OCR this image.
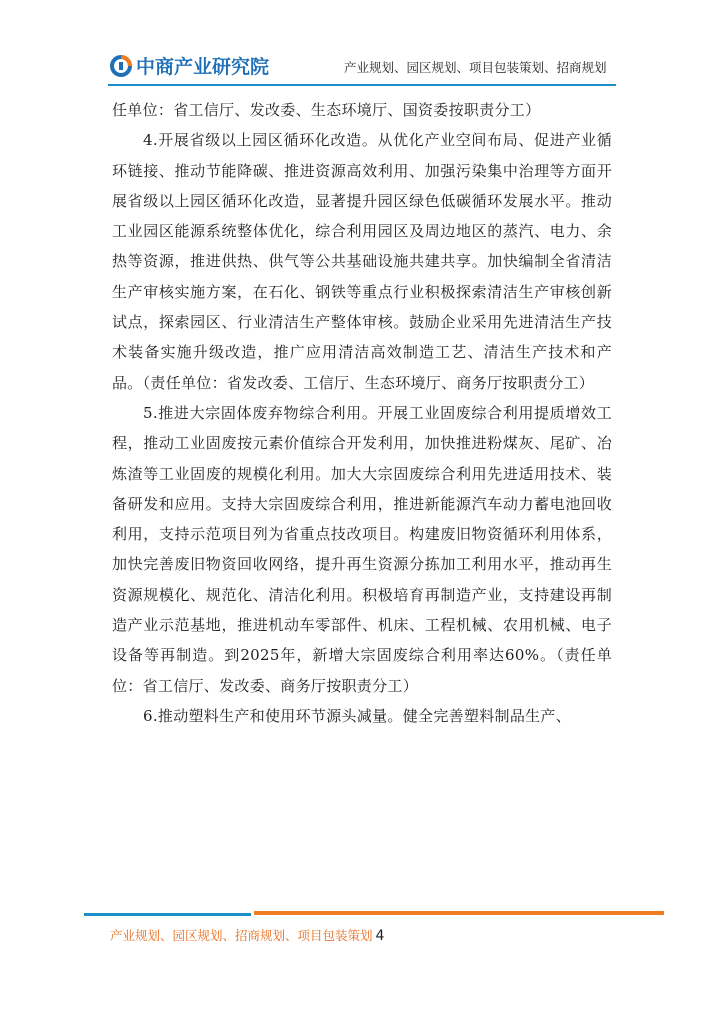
中商产业研究院	产业规划、园区规划、项目包装策划、招商规划

任单位：省工信厅、发改委、生态环境厅、国资委按职责分工）

4.开展省级以上园区循环化改造。从优化产业空间布局、促进产业循环链接、推动节能降碳、推进资源高效利用、加强污染集中治理等方面开展省级以上园区循环化改造，显著提升园区绿色低碳循环发展水平。推动工业园区能源系统整体优化，综合利用园区及周边地区的蒸汽、电力、余热等资源，推进供热、供气等公共基础设施共建共享。加快编制全省清洁生产审核实施方案，在石化、钢铁等重点行业积极探索清洁生产审核创新试点，探索园区、行业清洁生产整体审核。鼓励企业采用先进清洁生产技术装备实施升级改造，推广应用清洁高效制造工艺、清洁生产技术和产品。（责任单位：省发改委、工信厅、生态环境厅、商务厅按职责分工）

5.推进大宗固体废弃物综合利用。开展工业固废综合利用提质增效工程，推动工业固废按元素价值综合开发利用，加快推进粉煤灰、尾矿、冶炼渣等工业固废的规模化利用。加大大宗固废综合利用先进适用技术、装备研发和应用。支持大宗固废综合利用，推进新能源汽车动力蓄电池回收利用，支持示范项目列为省重点技改项目。构建废旧物资循环利用体系，加快完善废旧物资回收网络，提升再生资源分拣加工利用水平，推动再生资源规模化、规范化、清洁化利用。积极培育再制造产业，支持建设再制造产业示范基地，推进机动车零部件、机床、工程机械、农用机械、电子设备等再制造。到2025年，新增大宗固废综合利用率达60%。（责任单位：省工信厅、发改委、商务厅按职责分工）

6.推动塑料生产和使用环节源头减量。健全完善塑料制品生产、

产业规划、园区规划、招商规划、项目包装策划 4
